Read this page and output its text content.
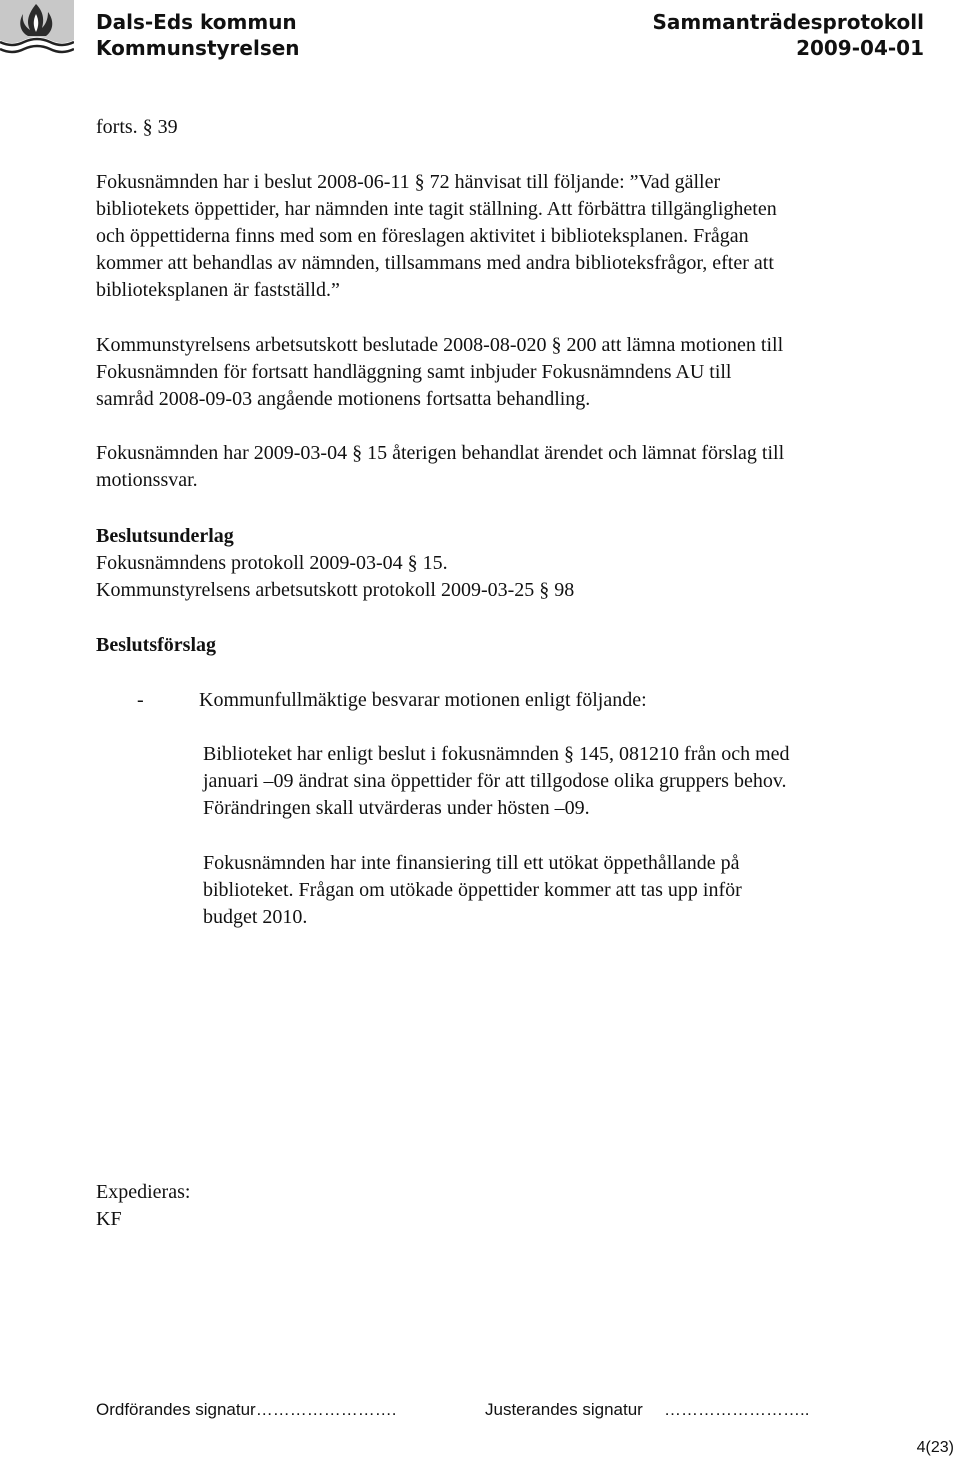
Dals-Eds kommun
Kommunstyrelsen
Sammanträdesprotokoll
2009-04-01

forts. § 39

Fokusnämnden har i beslut 2008-06-11 § 72 hänvisat till följande: ”Vad gäller
bibliotekets öppettider, har nämnden inte tagit ställning. Att förbättra tillgängligheten
och öppettiderna finns med som en föreslagen aktivitet i biblioteksplanen. Frågan
kommer att behandlas av nämnden, tillsammans med andra biblioteksfrågor, efter att
biblioteksplanen är fastställd.”

Kommunstyrelsens arbetsutskott beslutade 2008-08-020 § 200 att lämna motionen till
Fokusnämnden för fortsatt handläggning samt inbjuder Fokusnämndens AU till
samråd 2008-09-03 angående motionens fortsatta behandling.

Fokusnämnden har 2009-03-04 § 15 återigen behandlat ärendet och lämnat förslag till
motionssvar.

Beslutsunderlag

Fokusnämndens protokoll 2009-03-04 § 15.
Kommunstyrelsens arbetsutskott protokoll 2009-03-25 § 98

Beslutsförslag

-	Kommunfullmäktige besvarar motionen enligt följande:

Biblioteket har enligt beslut i fokusnämnden § 145, 081210 från och med
januari –09 ändrat sina öppettider för att tillgodose olika gruppers behov.
Förändringen skall utvärderas under hösten –09.

Fokusnämnden har inte finansiering till ett utökat öppethållande på
biblioteket. Frågan om utökade öppettider kommer att tas upp inför
budget 2010.

Expedieras:
KF

Ordförandes signatur…………………….	Justerandes signatur ……………………..
4(23)
